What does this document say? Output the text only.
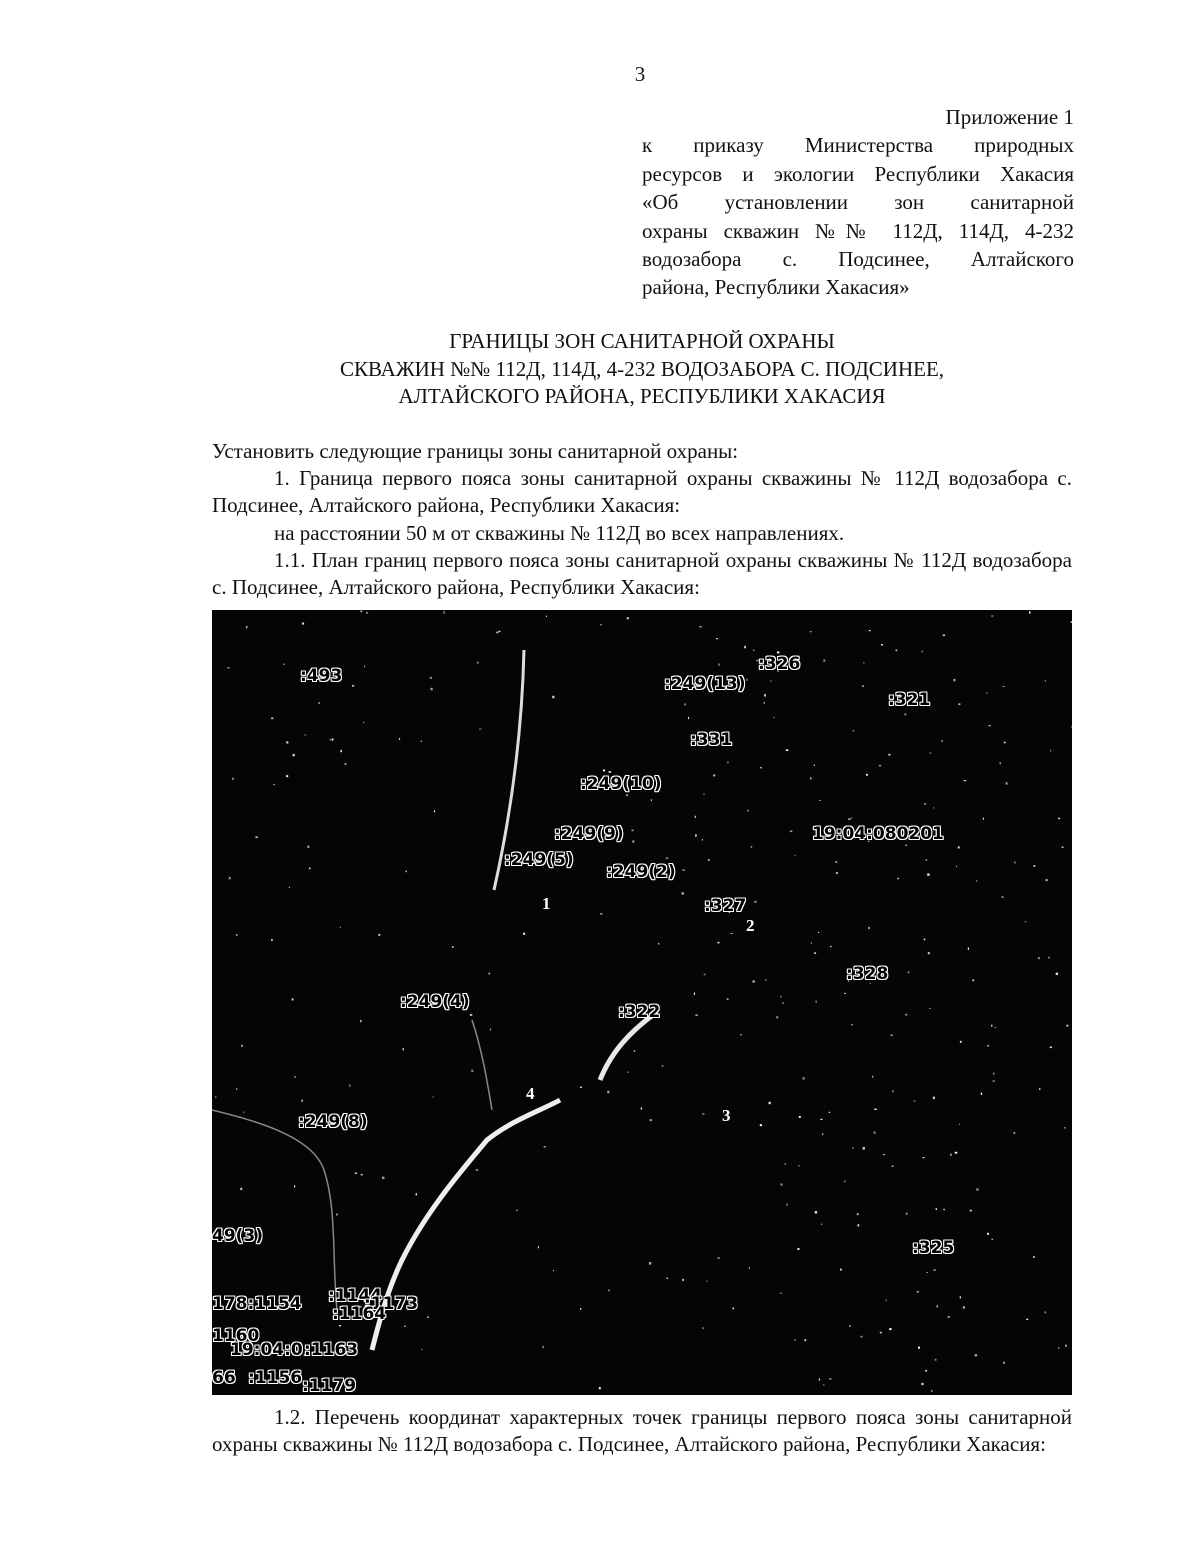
3
Приложение 1
к приказу Министерства природных
ресурсов и экологии Республики Хакасия
«Об установлении зон санитарной
охраны скважин №№ 112Д, 114Д, 4-232
водозабора с. Подсинее, Алтайского
района, Республики Хакасия»
ГРАНИЦЫ ЗОН САНИТАРНОЙ ОХРАНЫ
СКВАЖИН №№ 112Д, 114Д, 4-232 ВОДОЗАБОРА С. ПОДСИНЕЕ,
АЛТАЙСКОГО РАЙОНА, РЕСПУБЛИКИ ХАКАСИЯ

Установить следующие границы зоны санитарной охраны:

1. Граница первого пояса зоны санитарной охраны скважины № 112Д водозабора с. Подсинее, Алтайского района, Республики Хакасия:

на расстоянии 50 м от скважины № 112Д во всех направлениях.

1.1. План границ первого пояса зоны санитарной охраны скважины № 112Д водозабора с. Подсинее, Алтайского района, Республики Хакасия:

:493
:326
:249(13)
:321
:331
:249(10)
:249(9)	19:04:080201
:249(5)
:249(2)
:327
:328
:249(4)	:322
:249(8)
49(3)
:325
178:1154 :1144
:1173
:1164
1160
19:04:0 :1163
66 :1156 :1179
1
2
3
4

1.2. Перечень координат характерных точек границы первого пояса зоны санитарной охраны скважины № 112Д водозабора с. Подсинее, Алтайского района, Республики Хакасия:
